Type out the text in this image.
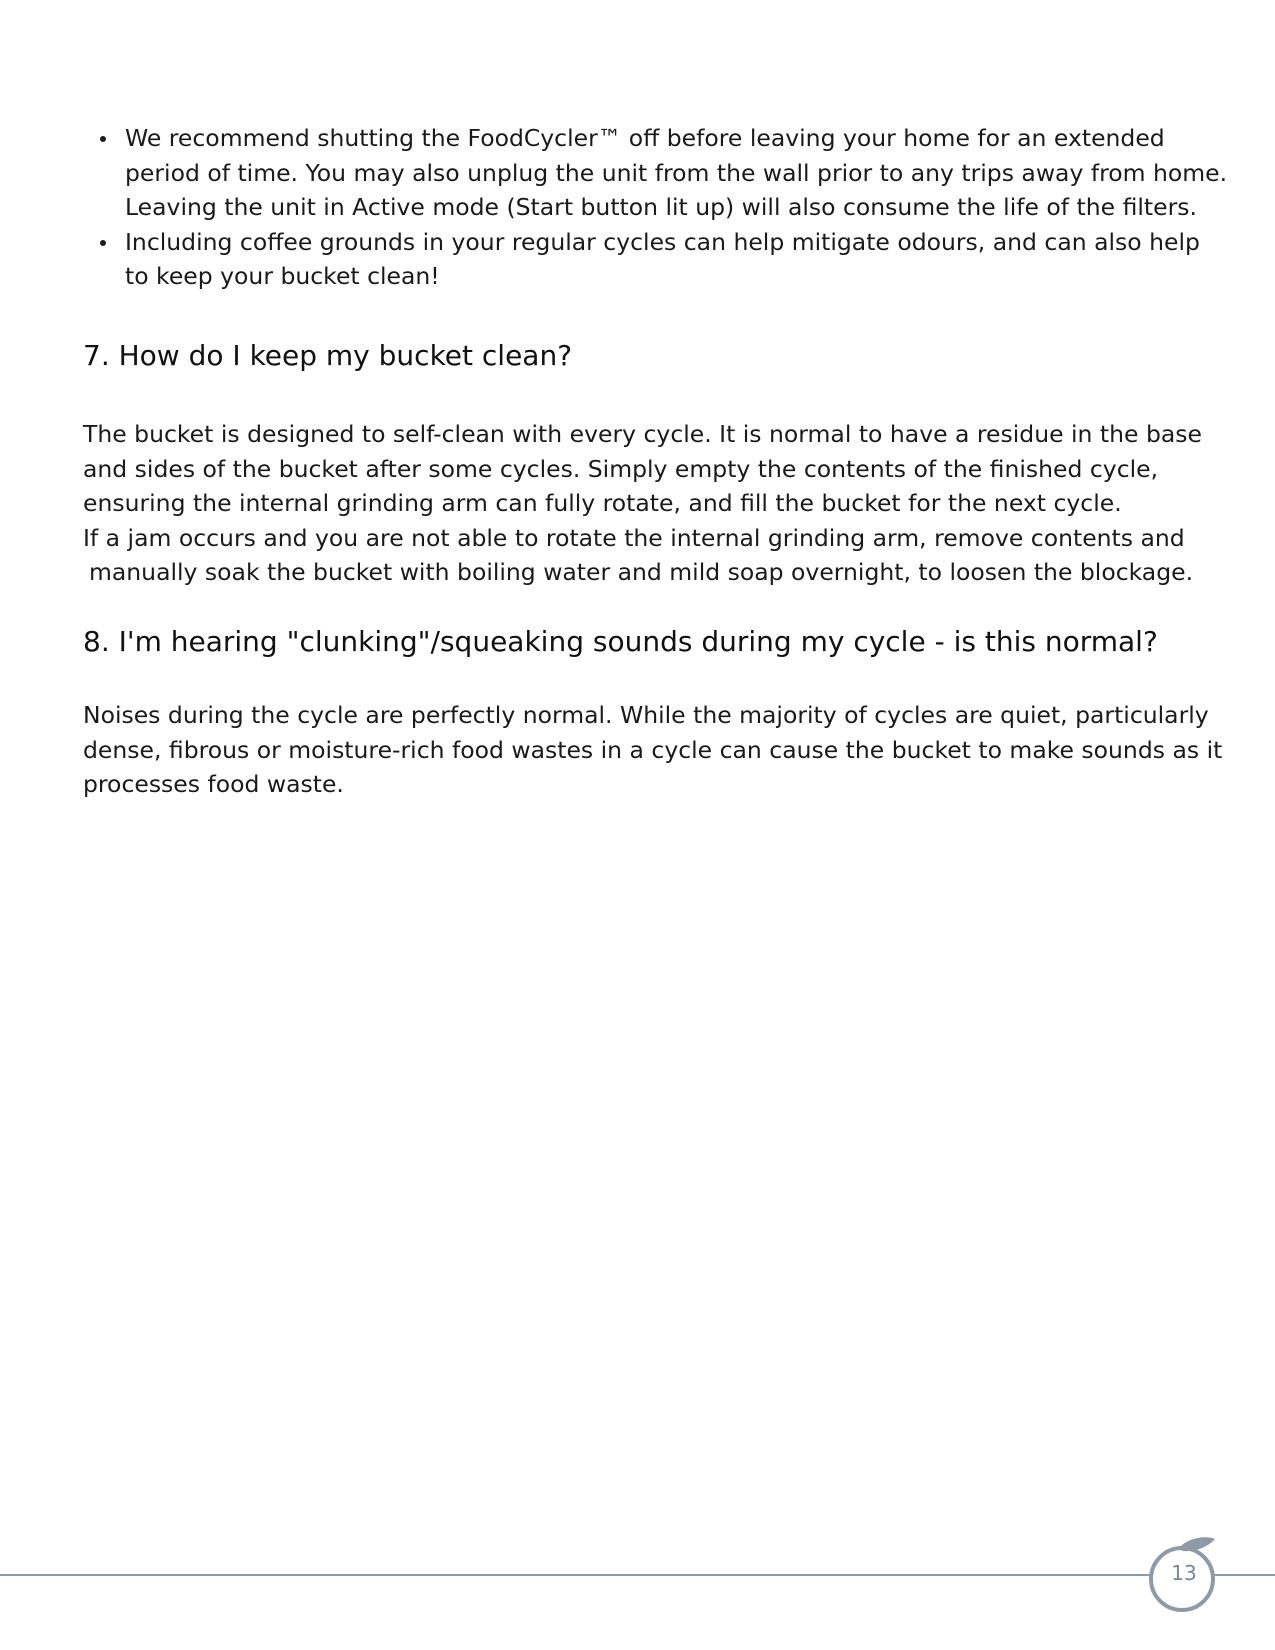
We recommend shutting the FoodCycler™ off before leaving your home for an extended
period of time. You may also unplug the unit from the wall prior to any trips away from home.
Leaving the unit in Active mode (Start button lit up) will also consume the life of the filters.
Including coffee grounds in your regular cycles can help mitigate odours, and can also help
to keep your bucket clean!
7. How do I keep my bucket clean?

The bucket is designed to self-clean with every cycle. It is normal to have a residue in the base
and sides of the bucket after some cycles. Simply empty the contents of the finished cycle,
ensuring the internal grinding arm can fully rotate, and fill the bucket for the next cycle.
If a jam occurs and you are not able to rotate the internal grinding arm, remove contents and
manually soak the bucket with boiling water and mild soap overnight, to loosen the blockage.

8. I'm hearing "clunking"/squeaking sounds during my cycle - is this normal?

Noises during the cycle are perfectly normal. While the majority of cycles are quiet, particularly
dense, fibrous or moisture-rich food wastes in a cycle can cause the bucket to make sounds as it
processes food waste.

13
